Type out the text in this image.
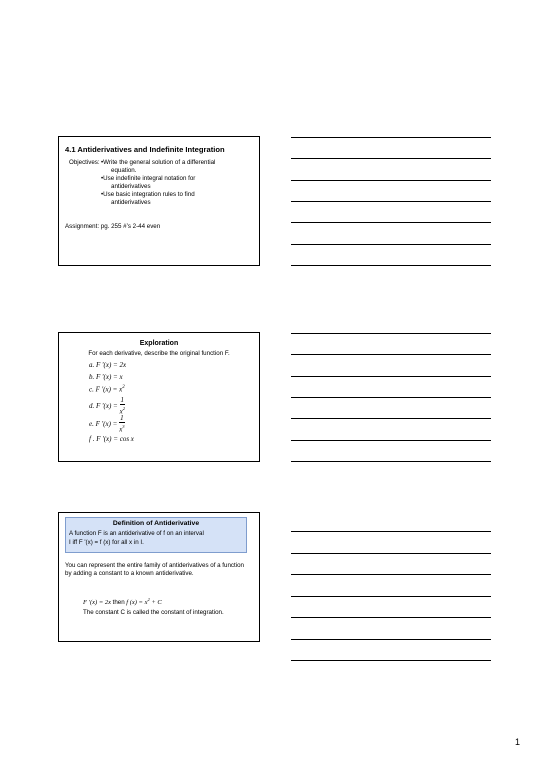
4.1 Antiderivatives and Indefinite Integration
Objectives: •Write the general solution of a differential
equation.
•Use indefinite integral notation for
antiderivatives
•Use basic integration rules to find
antiderivatives
Assignment: pg. 255 #’s 2-44 even
Exploration
For each derivative, describe the original function F.
a. F '(x) = 2x
b. F '(x) = x
c. F '$(x) = x^2$
d. F '$(x) = \frac{1}{x^2}$
e. F '$(x) = \frac{1}{x^3}$
f . F '(x) = cos x
Definition of Antiderivative
A function F is an antiderivative of f on an interval
I iff F '(x) = f (x) for all x in I.
You can represent the entire family of antiderivatives of a function by adding a constant to a known antiderivative.
F '(x) = 2x then f $(x) = x^2 + C$
The constant C is called the constant of integration.
1
